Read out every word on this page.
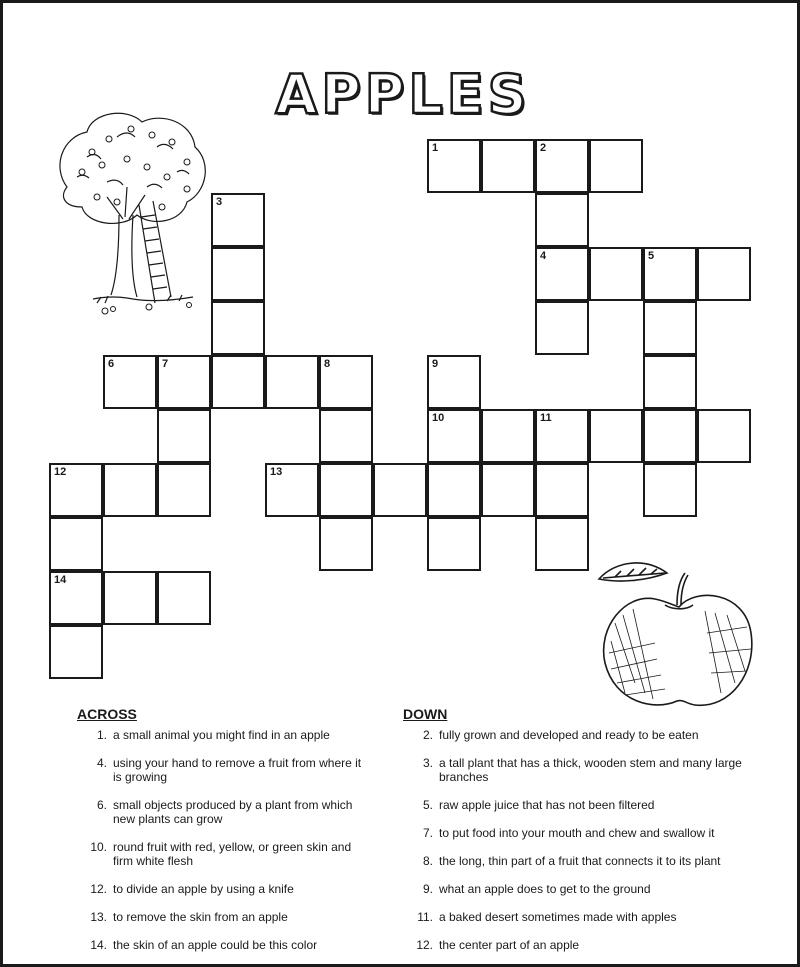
APPLES
1	2
3
4	5
6	7	8	9
10	11
12	13
14
ACROSS
1. a small animal you might find in an apple
4. using your hand to remove a fruit from where it is growing
6. small objects produced by a plant from which new plants can grow
10. round fruit with red, yellow, or green skin and firm white flesh
12. to divide an apple by using a knife
13. to remove the skin from an apple
14. the skin of an apple could be this color
DOWN
2. fully grown and developed and ready to be eaten
3. a tall plant that has a thick, wooden stem and many large branches
5. raw apple juice that has not been filtered
7. to put food into your mouth and chew and swallow it
8. the long, thin part of a fruit that connects it to its plant
9. what an apple does to get to the ground
11. a baked desert sometimes made with apples
12. the center part of an apple
